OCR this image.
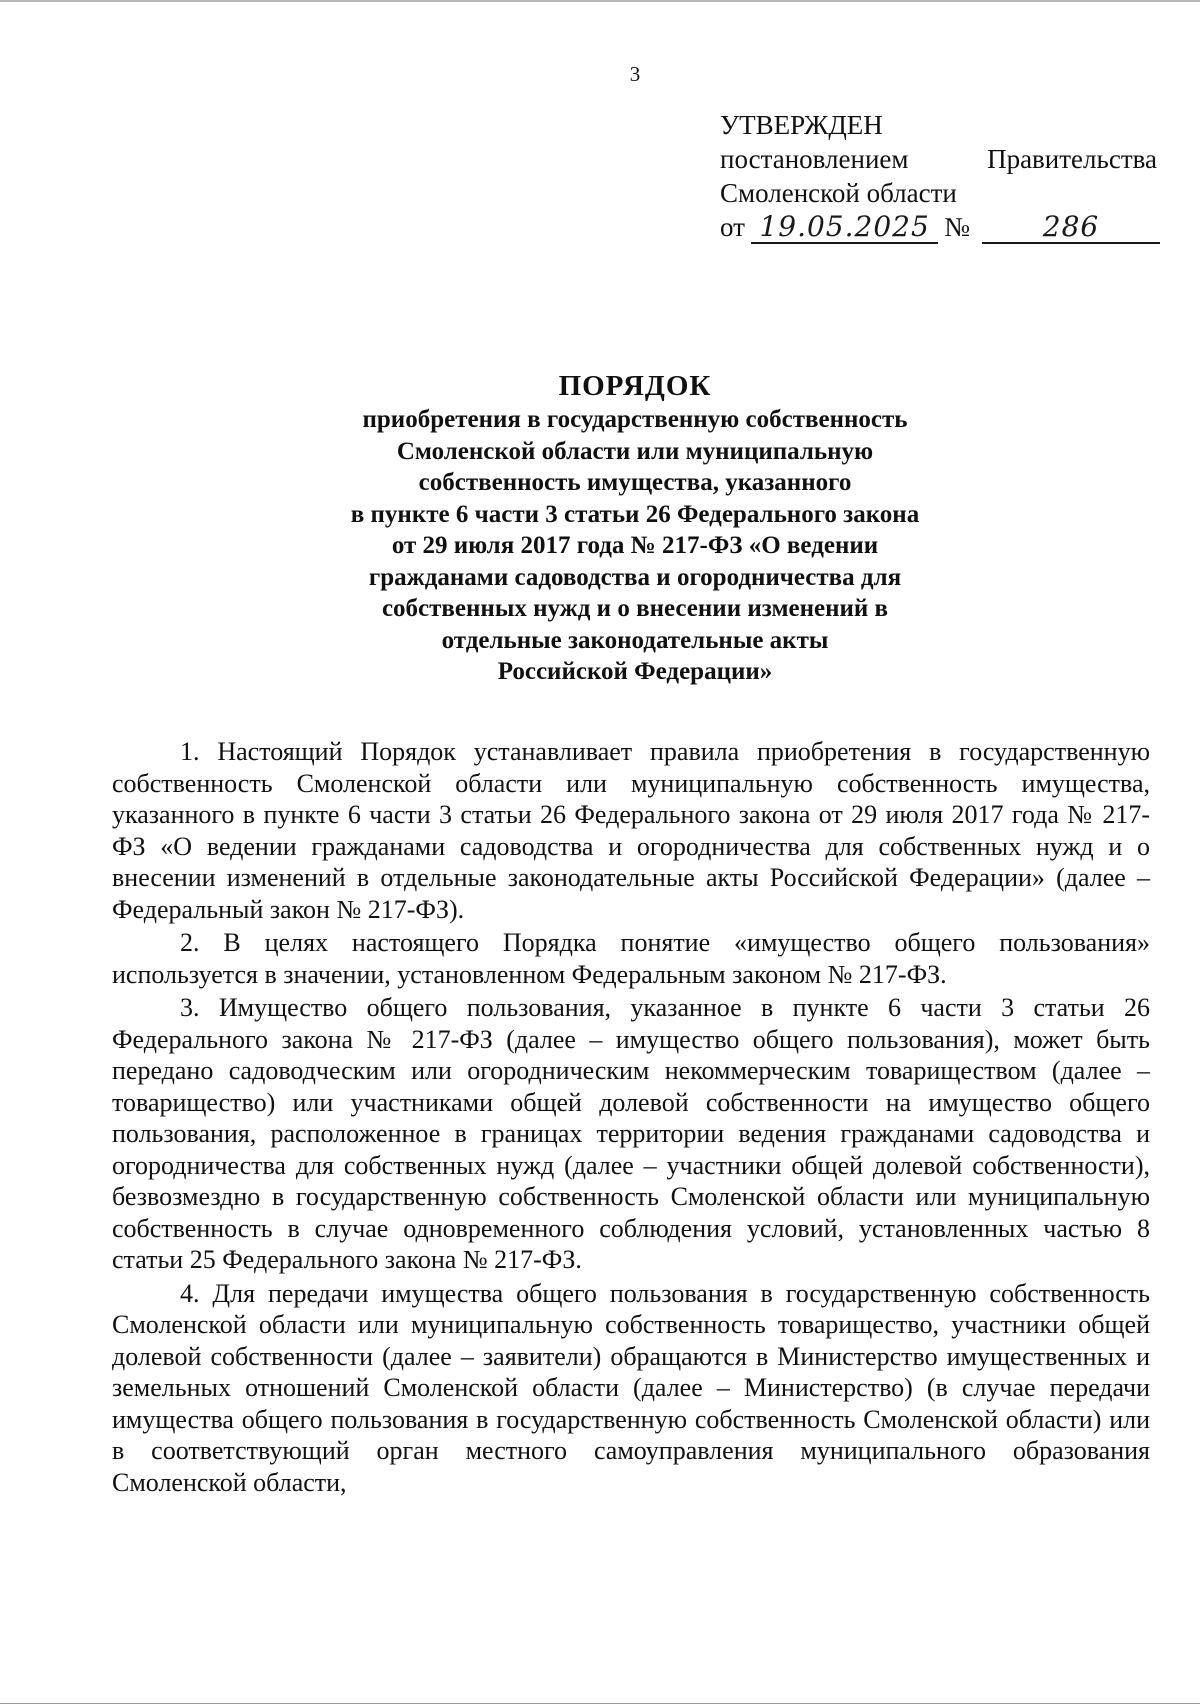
3
УТВЕРЖДЕН
постановлением	Правительства
Смоленской области
от 19.05.2025 №	286
ПОРЯДОК
приобретения в государственную собственность
Смоленской области или муниципальную
собственность имущества, указанного
в пункте 6 части 3 статьи 26 Федерального закона
от 29 июля 2017 года № 217-ФЗ «О ведении
гражданами садоводства и огородничества для
собственных нужд и о внесении изменений в
отдельные законодательные акты
Российской Федерации»

1. Настоящий Порядок устанавливает правила приобретения в государственную собственность Смоленской области или муниципальную собственность имущества, указанного в пункте 6 части 3 статьи 26 Федерального закона от 29 июля 2017 года № 217-ФЗ «О ведении гражданами садоводства и огородничества для собственных нужд и о внесении изменений в отдельные законодательные акты Российской Федерации» (далее – Федеральный закон № 217-ФЗ).

2. В целях настоящего Порядка понятие «имущество общего пользования» используется в значении, установленном Федеральным законом № 217-ФЗ.

3. Имущество общего пользования, указанное в пункте 6 части 3 статьи 26 Федерального закона № 217-ФЗ (далее – имущество общего пользования), может быть передано садоводческим или огородническим некоммерческим товариществом (далее – товарищество) или участниками общей долевой собственности на имущество общего пользования, расположенное в границах территории ведения гражданами садоводства и огородничества для собственных нужд (далее – участники общей долевой собственности), безвозмездно в государственную собственность Смоленской области или муниципальную собственность в случае одновременного соблюдения условий, установленных частью 8 статьи 25 Федерального закона № 217-ФЗ.

4. Для передачи имущества общего пользования в государственную собственность Смоленской области или муниципальную собственность товарищество, участники общей долевой собственности (далее – заявители) обращаются в Министерство имущественных и земельных отношений Смоленской области (далее – Министерство) (в случае передачи имущества общего пользования в государственную собственность Смоленской области) или в соответствующий орган местного самоуправления муниципального образования Смоленской области,
